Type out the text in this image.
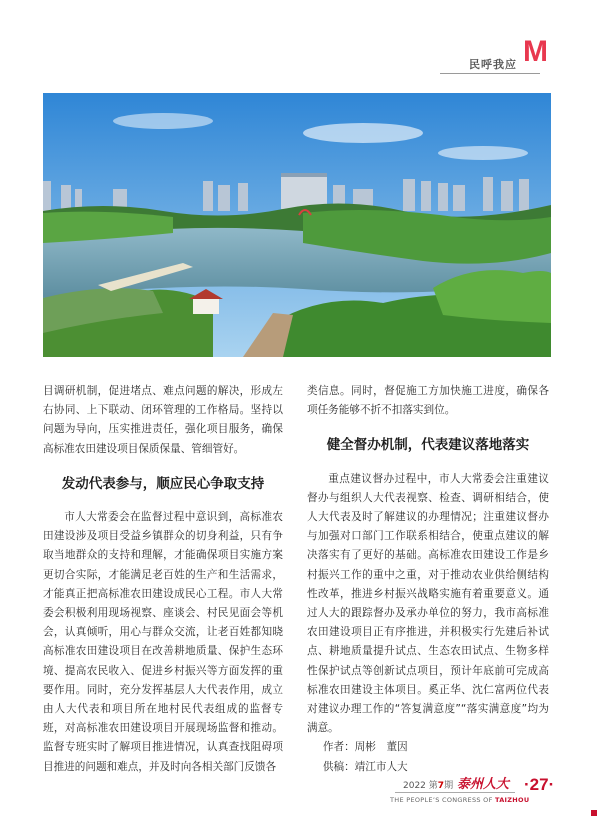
民呼我应 M

目调研机制，促进堵点、难点问题的解决，形成左右协同、上下联动、闭环管理的工作格局。坚持以问题为导向，压实推进责任，强化项目服务，确保高标准农田建设项目保质保量、管细管好。

发动代表参与，顺应民心争取支持

市人大常委会在监督过程中意识到，高标准农田建设涉及项目受益乡镇群众的切身利益，只有争取当地群众的支持和理解，才能确保项目实施方案更切合实际，才能满足老百姓的生产和生活需求，才能真正把高标准农田建设成民心工程。市人大常委会积极利用现场视察、座谈会、村民见面会等机会，认真倾听，用心与群众交流，让老百姓都知晓高标准农田建设项目在改善耕地质量、保护生态环境、提高农民收入、促进乡村振兴等方面发挥的重要作用。同时，充分发挥基层人大代表作用，成立由人大代表和项目所在地村民代表组成的监督专班，对高标准农田建设项目开展现场监督和推动。监督专班实时了解项目推进情况，认真查找阻碍项目推进的问题和难点，并及时向各相关部门反馈各

类信息。同时，督促施工方加快施工进度，确保各项任务能够不折不扣落实到位。

健全督办机制，代表建议落地落实

重点建议督办过程中，市人大常委会注重建议督办与组织人大代表视察、检查、调研相结合，使人大代表及时了解建议的办理情况；注重建议督办与加强对口部门工作联系相结合，使重点建议的解决落实有了更好的基础。高标准农田建设工作是乡村振兴工作的重中之重，对于推动农业供给侧结构性改革，推进乡村振兴战略实施有着重要意义。通过人大的跟踪督办及承办单位的努力，我市高标准农田建设项目正有序推进，并积极实行先建后补试点、耕地质量提升试点、生态农田试点、生物多样性保护试点等创新试点项目，预计年底前可完成高标准农田建设主体项目。奚正华、沈仁富两位代表对建议办理工作的“答复满意度”“落实满意度”均为满意。

作者：周彬　董因

供稿：靖江市人大

2022 第7期 泰州人大
THE PEOPLE’S CONGRESS OF TAIZHOU
·27·
